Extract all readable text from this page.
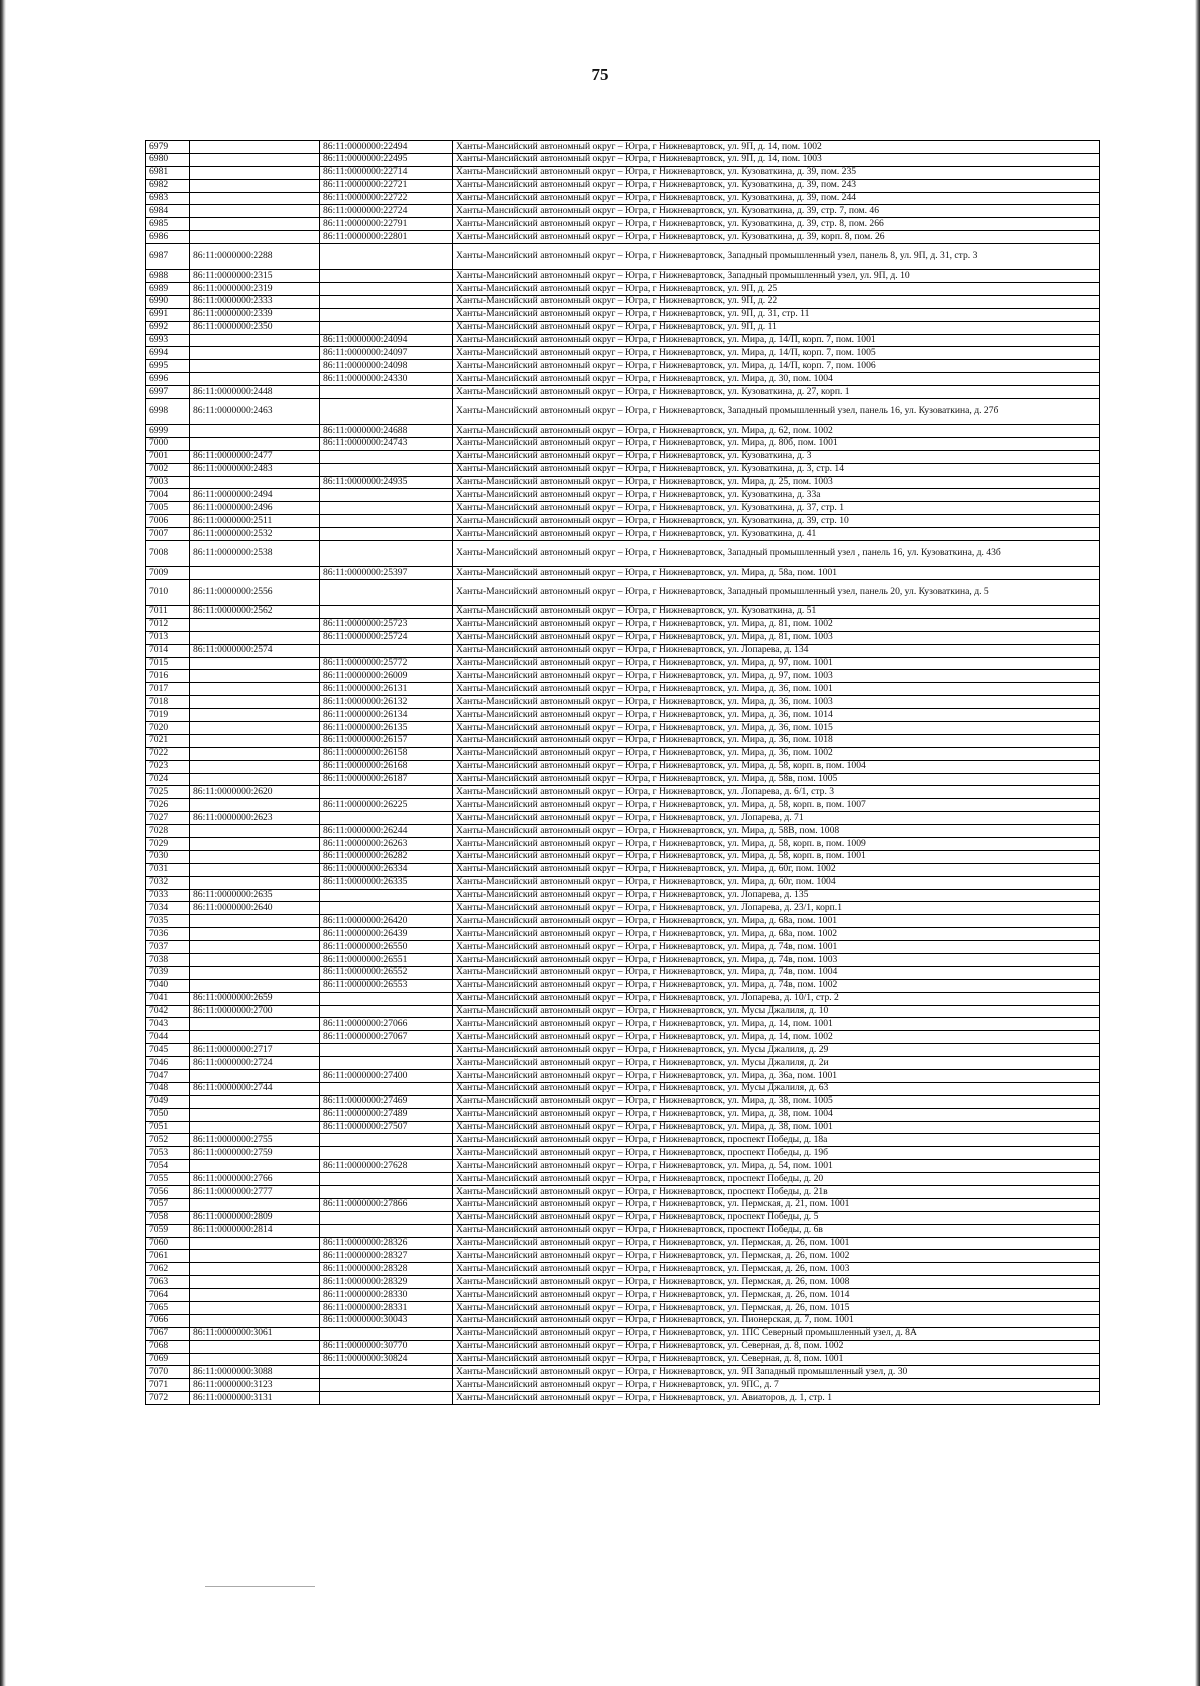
75
6979		86:11:0000000:22494	Ханты-Мансийский автономный округ – Югра, г Нижневартовск, ул. 9П, д. 14, пом. 1002
6980		86:11:0000000:22495	Ханты-Мансийский автономный округ – Югра, г Нижневартовск, ул. 9П, д. 14, пом. 1003
6981		86:11:0000000:22714	Ханты-Мансийский автономный округ – Югра, г Нижневартовск, ул. Кузоваткина, д. 39, пом. 235
6982		86:11:0000000:22721	Ханты-Мансийский автономный округ – Югра, г Нижневартовск, ул. Кузоваткина, д. 39, пом. 243
6983		86:11:0000000:22722	Ханты-Мансийский автономный округ – Югра, г Нижневартовск, ул. Кузоваткина, д. 39, пом. 244
6984		86:11:0000000:22724	Ханты-Мансийский автономный округ – Югра, г Нижневартовск, ул. Кузоваткина, д. 39, стр. 7, пом. 46
6985		86:11:0000000:22791	Ханты-Мансийский автономный округ – Югра, г Нижневартовск, ул. Кузоваткина, д. 39, стр. 8, пом. 266
6986		86:11:0000000:22801	Ханты-Мансийский автономный округ – Югра, г Нижневартовск, ул. Кузоваткина, д. 39, корп. 8, пом. 26
6987	86:11:0000000:2288		Ханты-Мансийский автономный округ – Югра, г Нижневартовск, Западный промышленный узел, панель 8, ул. 9П, д. 31, стр. 3
6988	86:11:0000000:2315		Ханты-Мансийский автономный округ – Югра, г Нижневартовск, Западный промышленный узел, ул. 9П, д. 10
6989	86:11:0000000:2319		Ханты-Мансийский автономный округ – Югра, г Нижневартовск, ул. 9П, д. 25
6990	86:11:0000000:2333		Ханты-Мансийский автономный округ – Югра, г Нижневартовск, ул. 9П, д. 22
6991	86:11:0000000:2339		Ханты-Мансийский автономный округ – Югра, г Нижневартовск, ул. 9П, д. 31, стр. 11
6992	86:11:0000000:2350		Ханты-Мансийский автономный округ – Югра, г Нижневартовск, ул. 9П, д. 11
6993		86:11:0000000:24094	Ханты-Мансийский автономный округ – Югра, г Нижневартовск, ул. Мира, д. 14/П, корп. 7, пом. 1001
6994		86:11:0000000:24097	Ханты-Мансийский автономный округ – Югра, г Нижневартовск, ул. Мира, д. 14/П, корп. 7, пом. 1005
6995		86:11:0000000:24098	Ханты-Мансийский автономный округ – Югра, г Нижневартовск, ул. Мира, д. 14/П, корп. 7, пом. 1006
6996		86:11:0000000:24330	Ханты-Мансийский автономный округ – Югра, г Нижневартовск, ул. Мира, д. 30, пом. 1004
6997	86:11:0000000:2448		Ханты-Мансийский автономный округ – Югра, г Нижневартовск, ул. Кузоваткина, д. 27, корп. 1
6998	86:11:0000000:2463		Ханты-Мансийский автономный округ – Югра, г Нижневартовск, Западный промышленный узел, панель 16, ул. Кузоваткина, д. 27б
6999		86:11:0000000:24688	Ханты-Мансийский автономный округ – Югра, г Нижневартовск, ул. Мира, д. 62, пом. 1002
7000		86:11:0000000:24743	Ханты-Мансийский автономный округ – Югра, г Нижневартовск, ул. Мира, д. 80б, пом. 1001
7001	86:11:0000000:2477		Ханты-Мансийский автономный округ – Югра, г Нижневартовск, ул. Кузоваткина, д. 3
7002	86:11:0000000:2483		Ханты-Мансийский автономный округ – Югра, г Нижневартовск, ул. Кузоваткина, д. 3, стр. 14
7003		86:11:0000000:24935	Ханты-Мансийский автономный округ – Югра, г Нижневартовск, ул. Мира, д. 25, пом. 1003
7004	86:11:0000000:2494		Ханты-Мансийский автономный округ – Югра, г Нижневартовск, ул. Кузоваткина, д. 33а
7005	86:11:0000000:2496		Ханты-Мансийский автономный округ – Югра, г Нижневартовск, ул. Кузоваткина, д. 37, стр. 1
7006	86:11:0000000:2511		Ханты-Мансийский автономный округ – Югра, г Нижневартовск, ул. Кузоваткина, д. 39, стр. 10
7007	86:11:0000000:2532		Ханты-Мансийский автономный округ – Югра, г Нижневартовск, ул. Кузоваткина, д. 41
7008	86:11:0000000:2538		Ханты-Мансийский автономный округ – Югра, г Нижневартовск, Западный промышленный узел , панель 16, ул. Кузоваткина, д. 43б
7009		86:11:0000000:25397	Ханты-Мансийский автономный округ – Югра, г Нижневартовск, ул. Мира, д. 58а, пом. 1001
7010	86:11:0000000:2556		Ханты-Мансийский автономный округ – Югра, г Нижневартовск, Западный промышленный узел, панель 20, ул. Кузоваткина, д. 5
7011	86:11:0000000:2562		Ханты-Мансийский автономный округ – Югра, г Нижневартовск, ул. Кузоваткина, д. 51
7012		86:11:0000000:25723	Ханты-Мансийский автономный округ – Югра, г Нижневартовск, ул. Мира, д. 81, пом. 1002
7013		86:11:0000000:25724	Ханты-Мансийский автономный округ – Югра, г Нижневартовск, ул. Мира, д. 81, пом. 1003
7014	86:11:0000000:2574		Ханты-Мансийский автономный округ – Югра, г Нижневартовск, ул. Лопарева, д. 134
7015		86:11:0000000:25772	Ханты-Мансийский автономный округ – Югра, г Нижневартовск, ул. Мира, д. 97, пом. 1001
7016		86:11:0000000:26009	Ханты-Мансийский автономный округ – Югра, г Нижневартовск, ул. Мира, д. 97, пом. 1003
7017		86:11:0000000:26131	Ханты-Мансийский автономный округ – Югра, г Нижневартовск, ул. Мира, д. 36, пом. 1001
7018		86:11:0000000:26132	Ханты-Мансийский автономный округ – Югра, г Нижневартовск, ул. Мира, д. 36, пом. 1003
7019		86:11:0000000:26134	Ханты-Мансийский автономный округ – Югра, г Нижневартовск, ул. Мира, д. 36, пом. 1014
7020		86:11:0000000:26135	Ханты-Мансийский автономный округ – Югра, г Нижневартовск, ул. Мира, д. 36, пом. 1015
7021		86:11:0000000:26157	Ханты-Мансийский автономный округ – Югра, г Нижневартовск, ул. Мира, д. 36, пом. 1018
7022		86:11:0000000:26158	Ханты-Мансийский автономный округ – Югра, г Нижневартовск, ул. Мира, д. 36, пом. 1002
7023		86:11:0000000:26168	Ханты-Мансийский автономный округ – Югра, г Нижневартовск, ул. Мира, д. 58, корп. в, пом. 1004
7024		86:11:0000000:26187	Ханты-Мансийский автономный округ – Югра, г Нижневартовск, ул. Мира, д. 58в, пом. 1005
7025	86:11:0000000:2620		Ханты-Мансийский автономный округ – Югра, г Нижневартовск, ул. Лопарева, д. 6/1, стр. 3
7026		86:11:0000000:26225	Ханты-Мансийский автономный округ – Югра, г Нижневартовск, ул. Мира, д. 58, корп. в, пом. 1007
7027	86:11:0000000:2623		Ханты-Мансийский автономный округ – Югра, г Нижневартовск, ул. Лопарева, д. 71
7028		86:11:0000000:26244	Ханты-Мансийский автономный округ – Югра, г Нижневартовск, ул. Мира, д. 58В, пом. 1008
7029		86:11:0000000:26263	Ханты-Мансийский автономный округ – Югра, г Нижневартовск, ул. Мира, д. 58, корп. в, пом. 1009
7030		86:11:0000000:26282	Ханты-Мансийский автономный округ – Югра, г Нижневартовск, ул. Мира, д. 58, корп. в, пом. 1001
7031		86:11:0000000:26334	Ханты-Мансийский автономный округ – Югра, г Нижневартовск, ул. Мира, д. 60г, пом. 1002
7032		86:11:0000000:26335	Ханты-Мансийский автономный округ – Югра, г Нижневартовск, ул. Мира, д. 60г, пом. 1004
7033	86:11:0000000:2635		Ханты-Мансийский автономный округ – Югра, г Нижневартовск, ул. Лопарева, д. 135
7034	86:11:0000000:2640		Ханты-Мансийский автономный округ – Югра, г Нижневартовск, ул. Лопарева, д. 23/1, корп.1
7035		86:11:0000000:26420	Ханты-Мансийский автономный округ – Югра, г Нижневартовск, ул. Мира, д. 68а, пом. 1001
7036		86:11:0000000:26439	Ханты-Мансийский автономный округ – Югра, г Нижневартовск, ул. Мира, д. 68а, пом. 1002
7037		86:11:0000000:26550	Ханты-Мансийский автономный округ – Югра, г Нижневартовск, ул. Мира, д. 74в, пом. 1001
7038		86:11:0000000:26551	Ханты-Мансийский автономный округ – Югра, г Нижневартовск, ул. Мира, д. 74в, пом. 1003
7039		86:11:0000000:26552	Ханты-Мансийский автономный округ – Югра, г Нижневартовск, ул. Мира, д. 74в, пом. 1004
7040		86:11:0000000:26553	Ханты-Мансийский автономный округ – Югра, г Нижневартовск, ул. Мира, д. 74в, пом. 1002
7041	86:11:0000000:2659		Ханты-Мансийский автономный округ – Югра, г Нижневартовск, ул. Лопарева, д. 10/1, стр. 2
7042	86:11:0000000:2700		Ханты-Мансийский автономный округ – Югра, г Нижневартовск, ул. Мусы Джалиля, д. 10
7043		86:11:0000000:27066	Ханты-Мансийский автономный округ – Югра, г Нижневартовск, ул. Мира, д. 14, пом. 1001
7044		86:11:0000000:27067	Ханты-Мансийский автономный округ – Югра, г Нижневартовск, ул. Мира, д. 14, пом. 1002
7045	86:11:0000000:2717		Ханты-Мансийский автономный округ – Югра, г Нижневартовск, ул. Мусы Джалиля, д. 29
7046	86:11:0000000:2724		Ханты-Мансийский автономный округ – Югра, г Нижневартовск, ул. Мусы Джалиля, д. 2и
7047		86:11:0000000:27400	Ханты-Мансийский автономный округ – Югра, г Нижневартовск, ул. Мира, д. 36а, пом. 1001
7048	86:11:0000000:2744		Ханты-Мансийский автономный округ – Югра, г Нижневартовск, ул. Мусы Джалиля, д. 63
7049		86:11:0000000:27469	Ханты-Мансийский автономный округ – Югра, г Нижневартовск, ул. Мира, д. 38, пом. 1005
7050		86:11:0000000:27489	Ханты-Мансийский автономный округ – Югра, г Нижневартовск, ул. Мира, д. 38, пом. 1004
7051		86:11:0000000:27507	Ханты-Мансийский автономный округ – Югра, г Нижневартовск, ул. Мира, д. 38, пом. 1001
7052	86:11:0000000:2755		Ханты-Мансийский автономный округ – Югра, г Нижневартовск, проспект Победы, д. 18а
7053	86:11:0000000:2759		Ханты-Мансийский автономный округ – Югра, г Нижневартовск, проспект Победы, д. 19б
7054		86:11:0000000:27628	Ханты-Мансийский автономный округ – Югра, г Нижневартовск, ул. Мира, д. 54, пом. 1001
7055	86:11:0000000:2766		Ханты-Мансийский автономный округ – Югра, г Нижневартовск, проспект Победы, д. 20
7056	86:11:0000000:2777		Ханты-Мансийский автономный округ – Югра, г Нижневартовск, проспект Победы, д. 21в
7057		86:11:0000000:27866	Ханты-Мансийский автономный округ – Югра, г Нижневартовск, ул. Пермская, д. 21, пом. 1001
7058	86:11:0000000:2809		Ханты-Мансийский автономный округ – Югра, г Нижневартовск, проспект Победы, д. 5
7059	86:11:0000000:2814		Ханты-Мансийский автономный округ – Югра, г Нижневартовск, проспект Победы, д. 6в
7060		86:11:0000000:28326	Ханты-Мансийский автономный округ – Югра, г Нижневартовск, ул. Пермская, д. 26, пом. 1001
7061		86:11:0000000:28327	Ханты-Мансийский автономный округ – Югра, г Нижневартовск, ул. Пермская, д. 26, пом. 1002
7062		86:11:0000000:28328	Ханты-Мансийский автономный округ – Югра, г Нижневартовск, ул. Пермская, д. 26, пом. 1003
7063		86:11:0000000:28329	Ханты-Мансийский автономный округ – Югра, г Нижневартовск, ул. Пермская, д. 26, пом. 1008
7064		86:11:0000000:28330	Ханты-Мансийский автономный округ – Югра, г Нижневартовск, ул. Пермская, д. 26, пом. 1014
7065		86:11:0000000:28331	Ханты-Мансийский автономный округ – Югра, г Нижневартовск, ул. Пермская, д. 26, пом. 1015
7066		86:11:0000000:30043	Ханты-Мансийский автономный округ – Югра, г Нижневартовск, ул. Пионерская, д. 7, пом. 1001
7067	86:11:0000000:3061		Ханты-Мансийский автономный округ – Югра, г Нижневартовск, ул. 1ПС Северный промышленный узел, д. 8А
7068		86:11:0000000:30770	Ханты-Мансийский автономный округ – Югра, г Нижневартовск, ул. Северная, д. 8, пом. 1002
7069		86:11:0000000:30824	Ханты-Мансийский автономный округ – Югра, г Нижневартовск, ул. Северная, д. 8, пом. 1001
7070	86:11:0000000:3088		Ханты-Мансийский автономный округ – Югра, г Нижневартовск, ул. 9П Западный промышленный узел, д. 30
7071	86:11:0000000:3123		Ханты-Мансийский автономный округ – Югра, г Нижневартовск, ул. 9ПС, д. 7
7072	86:11:0000000:3131		Ханты-Мансийский автономный округ – Югра, г Нижневартовск, ул. Авиаторов, д. 1, стр. 1
